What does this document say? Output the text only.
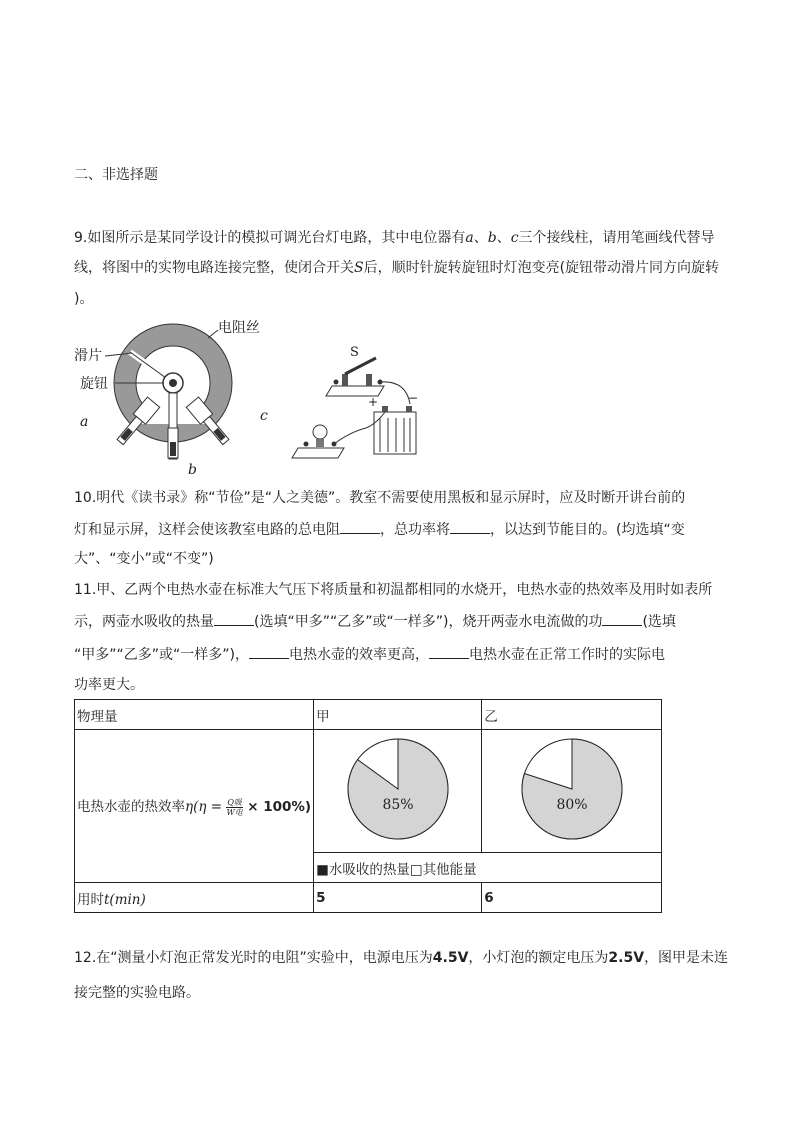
二、非选择题
9.如图所示是某同学设计的模拟可调光台灯电路，其中电位器有a、b、c三个接线柱，请用笔画线代替导
线，将图中的实物电路连接完整，使闭合开关S后，顺时针旋转旋钮时灯泡变亮(旋钮带动滑片同方向旋转
)。
电阻丝
滑片
旋钮
a
b
c
S
+ −
10.明代《读书录》称“节俭”是“人之美德”。教室不需要使用黑板和显示屏时，应及时断开讲台前的
灯和显示屏，这样会使该教室电路的总电阻	，总功率将	，以达到节能目的。(均选填“变
大”、“变小”或“不变”)
11.甲、乙两个电热水壶在标准大气压下将质量和初温都相同的水烧开，电热水壶的热效率及用时如表所
示，两壶水吸收的热量	(选填“甲多”“乙多”或“一样多”)，烧开两壶水电流做的功	(选填
“甲多”“乙多”或“一样多”)，	电热水壶的效率更高，	电热水壶在正常工作时的实际电
功率更大。
物理量	甲	乙
电热水壶的热效率$\eta(\eta = \frac{\text{Q吸}}{\text{W电}} \times 100\%)$	85%	80%

	■水吸收的热量□其他能量	
用时t(min)	5	6
12.在“测量小灯泡正常发光时的电阻”实验中，电源电压为4.5V，小灯泡的额定电压为2.5V，图甲是未连
接完整的实验电路。
